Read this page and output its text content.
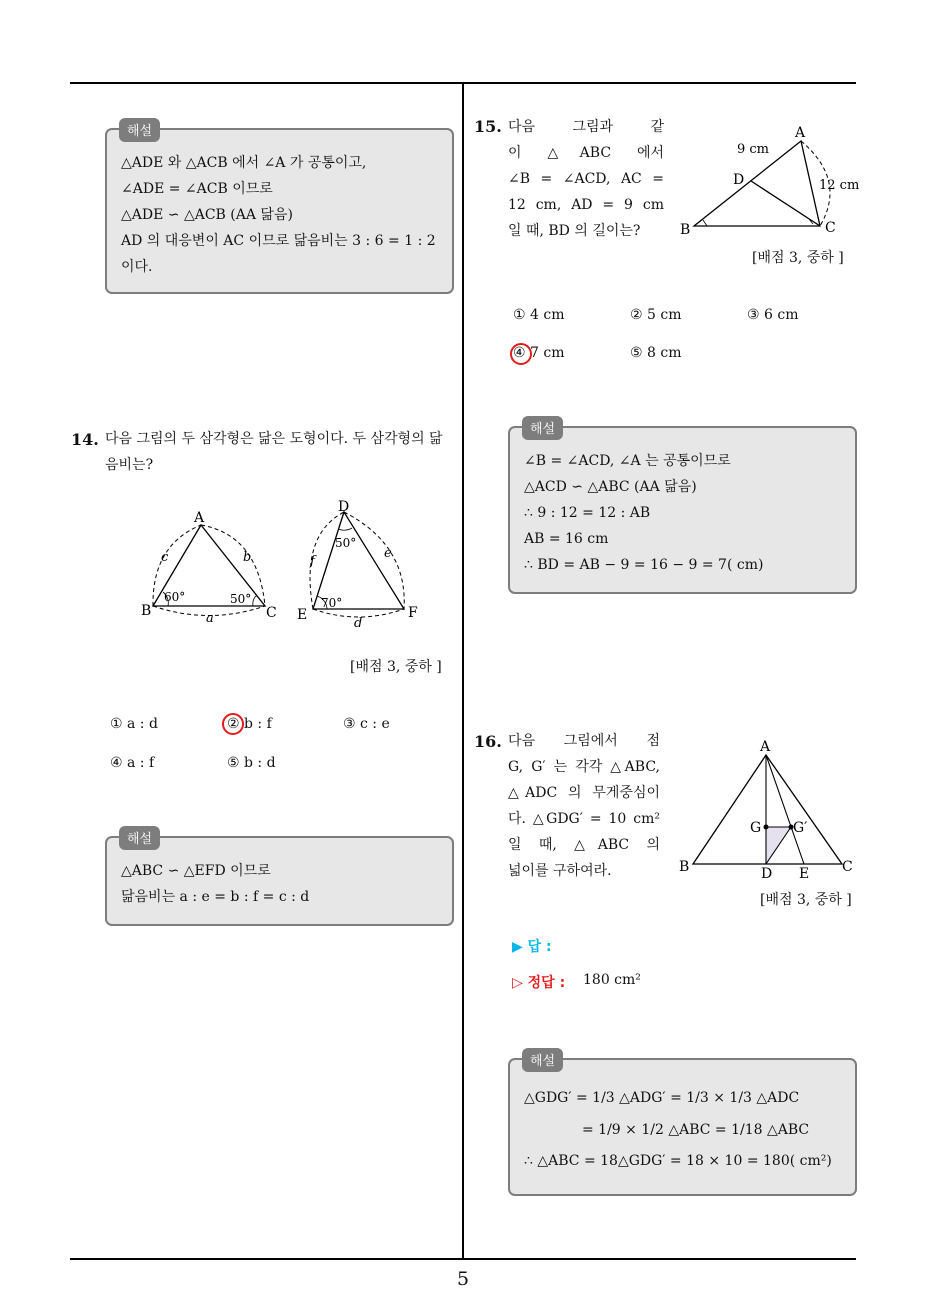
5
해설
△ADE 와 △ACB 에서 ∠A 가 공통이고,
∠ADE = ∠ACB 이므로
△ADE ∽ △ACB (AA 닮음)
AD 의 대응변이 AC 이므로 닮음비는 3 : 6 = 1 : 2
이다.
14. 다음 그림의 두 삼각형은 닮은 도형이다. 두 삼각형의 닮음비는?
A
B	C
c	b
a
60°	50°
D
E	F
f
e
d
50°
70°
[배점 3, 중하 ]
① a : d	② b : f	③ c : e
④ a : f	⑤ b : d
해설
△ABC ∽ △EFD 이므로
닮음비는 a : e = b : f = c : d
15. 다음 그림과 같
이 △ABC 에서
∠B = ∠ACD, AC =
12 cm, AD = 9 cm
일 때, BD 의 길이는?
A
B	C
D
9 cm
12 cm
[배점 3, 중하 ]
① 4 cm	② 5 cm	③ 6 cm
④ 7 cm	⑤ 8 cm
해설
∠B = ∠ACD, ∠A 는 공통이므로
△ACD ∽ △ABC (AA 닮음)
∴ 9 : 12 = 12 : AB
AB = 16 cm
∴ BD = AB − 9 = 16 − 9 = 7( cm)
16. 다음 그림에서 점
G, G′ 는 각각 △ABC,
△ADC 의 무게중심이
다. △GDG′ = 10 cm²
일 때, △ABC 의
넓이를 구하여라.
A
B	C
D E
G G′
[배점 3, 중하 ]
▶ 답 :
▷ 정답 : 180 cm²
해설
△GDG′ = 1/3 △ADG′ = 1/3 × 1/3 △ADC
= 1/9 × 1/2 △ABC = 1/18 △ABC
∴ △ABC = 18△GDG′ = 18 × 10 = 180( cm²)
